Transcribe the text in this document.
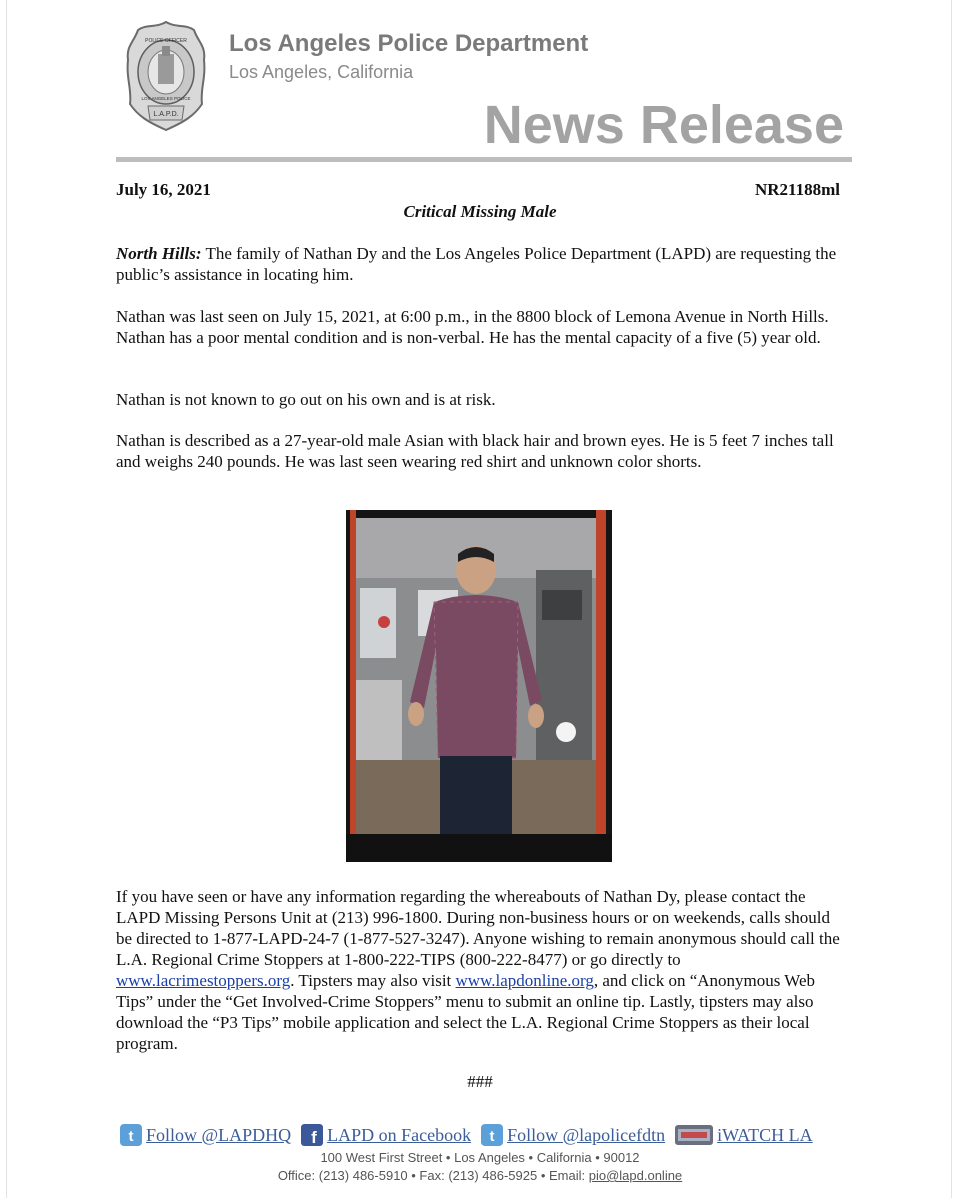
L.A.P.D.
POLICE OFFICER
LOS ANGELES POLICE
Los Angeles Police Department
Los Angeles, California
News Release
July 16, 2021	NR21188ml
Critical Missing Male

North Hills: The family of Nathan Dy and the Los Angeles Police Department (LAPD) are requesting the public’s assistance in locating him.

Nathan was last seen on July 15, 2021, at 6:00 p.m., in the 8800 block of Lemona Avenue in North Hills. Nathan has a poor mental condition and is non-verbal. He has the mental capacity of a five (5) year old.

Nathan is not known to go out on his own and is at risk.

Nathan is described as a 27-year-old male Asian with black hair and brown eyes. He is 5 feet 7 inches tall and weighs 240 pounds. He was last seen wearing red shirt and unknown color shorts.

If you have seen or have any information regarding the whereabouts of Nathan Dy, please contact the LAPD Missing Persons Unit at (213) 996-1800. During non-business hours or on weekends, calls should be directed to 1-877-LAPD-24-7 (1-877-527-3247). Anyone wishing to remain anonymous should call the L.A. Regional Crime Stoppers at 1-800-222-TIPS (800-222-8477) or go directly to www.lacrimestoppers.org. Tipsters may also visit www.lapdonline.org, and click on “Anonymous Web Tips” under the “Get Involved-Crime Stoppers” menu to submit an online tip. Lastly, tipsters may also download the “P3 Tips” mobile application and select the L.A. Regional Crime Stoppers as their local program.

###
t Follow @LAPDHQ f LAPD on Facebook t Follow @lapolicefdtn	iWATCH LA
100 West First Street • Los Angeles • California • 90012
Office: (213) 486-5910 • Fax: (213) 486-5925 • Email: pio@lapd.online
